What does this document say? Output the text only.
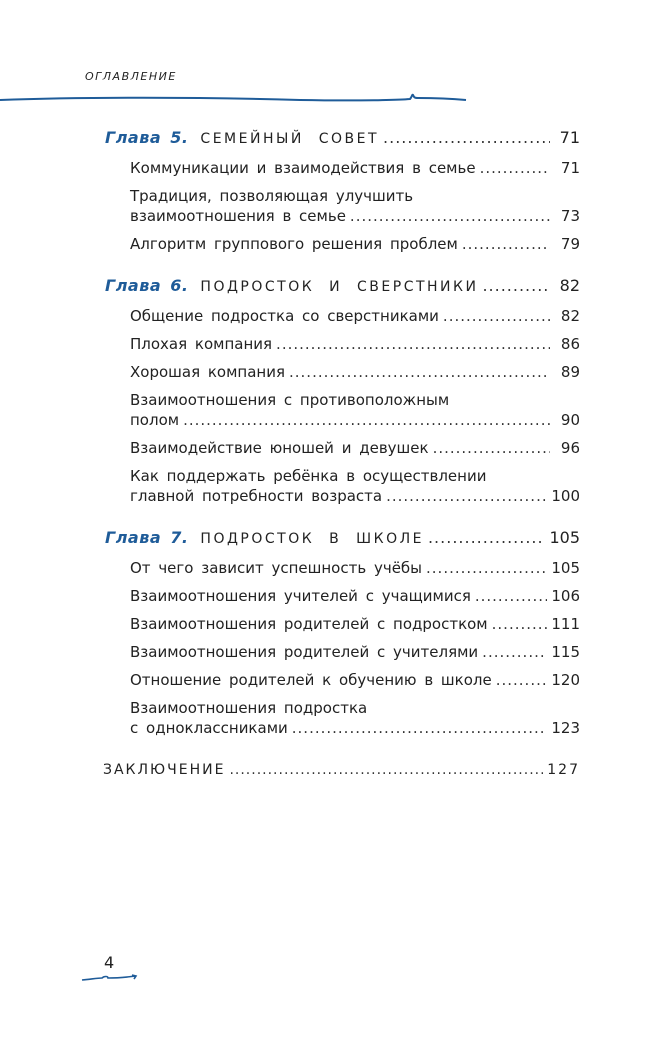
ОГЛАВЛЕНИЕ
Глава 5. СЕМЕЙНЫЙ СОВЕТ .....	71
Коммуникации и взаимодействия в семье .....	71
Традиция, позволяющая улучшить
взаимоотношения в семье .....	73
Алгоритм группового решения проблем .....	79
Глава 6. ПОДРОСТОК И СВЕРСТНИКИ .....	82
Общение подростка со сверстниками .....	82
Плохая компания .....	86
Хорошая компания .....	89
Взаимоотношения с противоположным
полом .....	90
Взаимодействие юношей и девушек .....	96
Как поддержать ребёнка в осуществлении
главной потребности возраста .....	100
Глава 7. ПОДРОСТОК В ШКОЛЕ .....	105
От чего зависит успешность учёбы .....	105
Взаимоотношения учителей с учащимися .....	106
Взаимоотношения родителей с подростком .....	111
Взаимоотношения родителей с учителями .....	115
Отношение родителей к обучению в школе .....	120
Взаимоотношения подростка
с одноклассниками .....	123
ЗАКЛЮЧЕНИЕ .....	127
4
